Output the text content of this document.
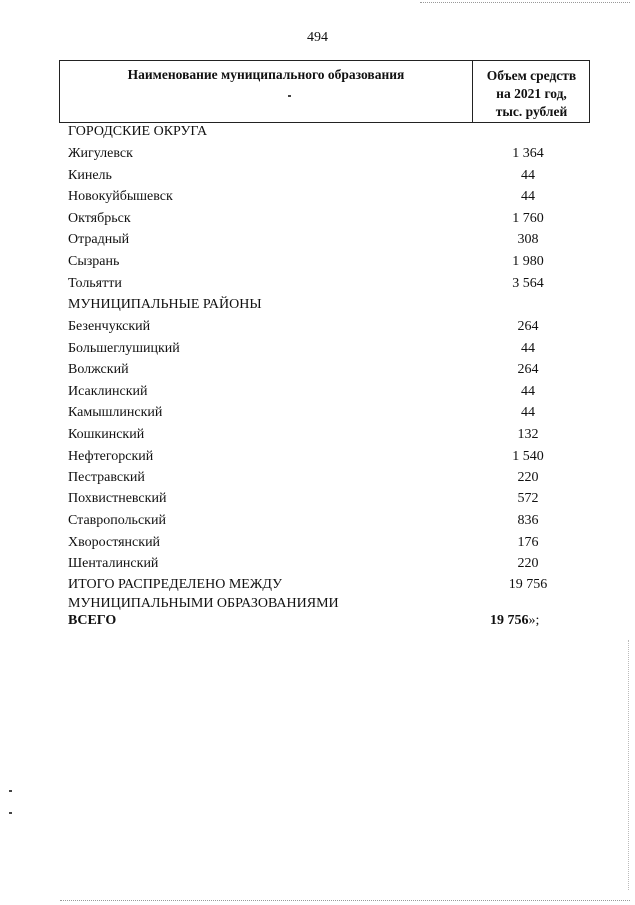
494
Наименование муниципального образования	Объем средств
на 2021 год,
тыс. рублей
ГОРОДСКИЕ ОКРУГА
Жигулевск	1 364
Кинель	44
Новокуйбышевск	44
Октябрьск	1 760
Отрадный	308
Сызрань	1 980
Тольятти	3 564
МУНИЦИПАЛЬНЫЕ РАЙОНЫ
Безенчукский	264
Большеглушицкий	44
Волжский	264
Исаклинский	44
Камышлинский	44
Кошкинский	132
Нефтегорский	1 540
Пестравский	220
Похвистневский	572
Ставропольский	836
Хворостянский	176
Шенталинский	220
ИТОГО РАСПРЕДЕЛЕНО МЕЖДУ	19 756
МУНИЦИПАЛЬНЫМИ ОБРАЗОВАНИЯМИ
ВСЕГО	19 756»;
